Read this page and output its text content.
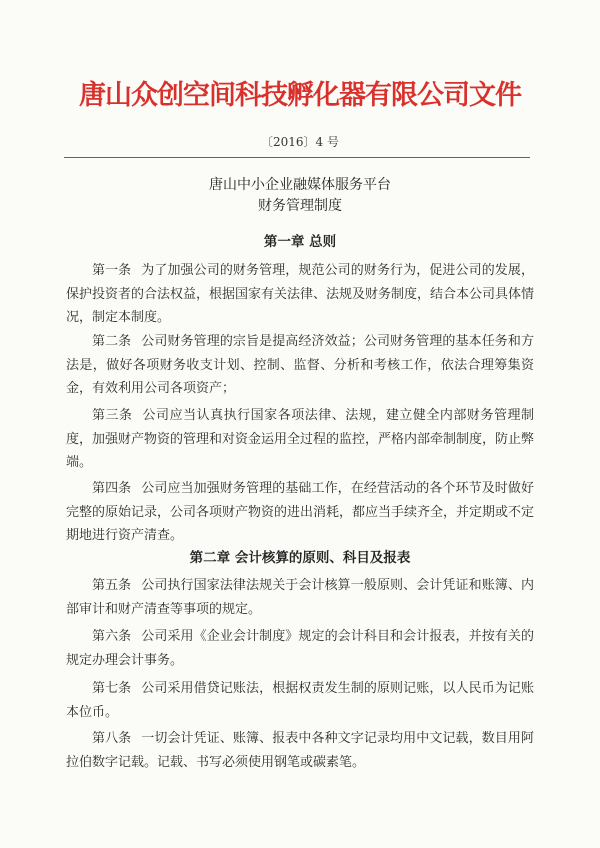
唐山众创空间科技孵化器有限公司文件
〔2016〕4 号
唐山中小企业融媒体服务平台
财务管理制度
第一章 总则

第一条 为了加强公司的财务管理，规范公司的财务行为，促进公司的发展，保护投资者的合法权益，根据国家有关法律、法规及财务制度，结合本公司具体情况，制定本制度。

第二条 公司财务管理的宗旨是提高经济效益；公司财务管理的基本任务和方法是，做好各项财务收支计划、控制、监督、分析和考核工作，依法合理筹集资金，有效利用公司各项资产；

第三条 公司应当认真执行国家各项法律、法规，建立健全内部财务管理制度，加强财产物资的管理和对资金运用全过程的监控，严格内部牵制制度，防止弊端。

第四条 公司应当加强财务管理的基础工作，在经营活动的各个环节及时做好完整的原始记录，公司各项财产物资的进出消耗，都应当手续齐全，并定期或不定期地进行资产清查。

第二章 会计核算的原则、科目及报表

第五条 公司执行国家法律法规关于会计核算一般原则、会计凭证和账簿、内部审计和财产清查等事项的规定。

第六条 公司采用《企业会计制度》规定的会计科目和会计报表，并按有关的规定办理会计事务。

第七条 公司采用借贷记账法，根据权责发生制的原则记账，以人民币为记账本位币。

第八条 一切会计凭证、账簿、报表中各种文字记录均用中文记载，数目用阿拉伯数字记载。记载、书写必须使用钢笔或碳素笔。
